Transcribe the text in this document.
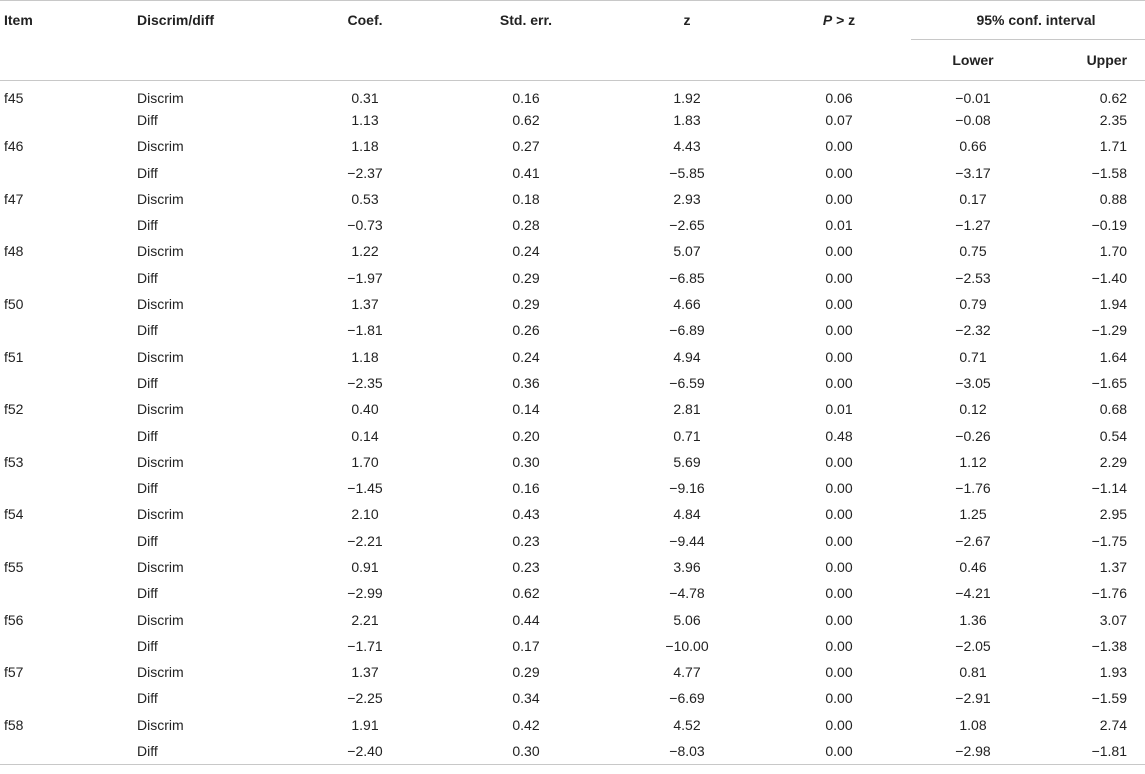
Item	Discrim/diff	Coef.	Std. err.	z	P > z	95% conf. interval	
						Lower	Upper
f45	Discrim	0.31	0.16	1.92	0.06	−0.01	0.62
	Diff	1.13	0.62	1.83	0.07	−0.08	2.35
f46	Discrim	1.18	0.27	4.43	0.00	0.66	1.71
	Diff	−2.37	0.41	−5.85	0.00	−3.17	−1.58
f47	Discrim	0.53	0.18	2.93	0.00	0.17	0.88
	Diff	−0.73	0.28	−2.65	0.01	−1.27	−0.19
f48	Discrim	1.22	0.24	5.07	0.00	0.75	1.70
	Diff	−1.97	0.29	−6.85	0.00	−2.53	−1.40
f50	Discrim	1.37	0.29	4.66	0.00	0.79	1.94
	Diff	−1.81	0.26	−6.89	0.00	−2.32	−1.29
f51	Discrim	1.18	0.24	4.94	0.00	0.71	1.64
	Diff	−2.35	0.36	−6.59	0.00	−3.05	−1.65
f52	Discrim	0.40	0.14	2.81	0.01	0.12	0.68
	Diff	0.14	0.20	0.71	0.48	−0.26	0.54
f53	Discrim	1.70	0.30	5.69	0.00	1.12	2.29
	Diff	−1.45	0.16	−9.16	0.00	−1.76	−1.14
f54	Discrim	2.10	0.43	4.84	0.00	1.25	2.95
	Diff	−2.21	0.23	−9.44	0.00	−2.67	−1.75
f55	Discrim	0.91	0.23	3.96	0.00	0.46	1.37
	Diff	−2.99	0.62	−4.78	0.00	−4.21	−1.76
f56	Discrim	2.21	0.44	5.06	0.00	1.36	3.07
	Diff	−1.71	0.17	−10.00	0.00	−2.05	−1.38
f57	Discrim	1.37	0.29	4.77	0.00	0.81	1.93
	Diff	−2.25	0.34	−6.69	0.00	−2.91	−1.59
f58	Discrim	1.91	0.42	4.52	0.00	1.08	2.74
	Diff	−2.40	0.30	−8.03	0.00	−2.98	−1.81
